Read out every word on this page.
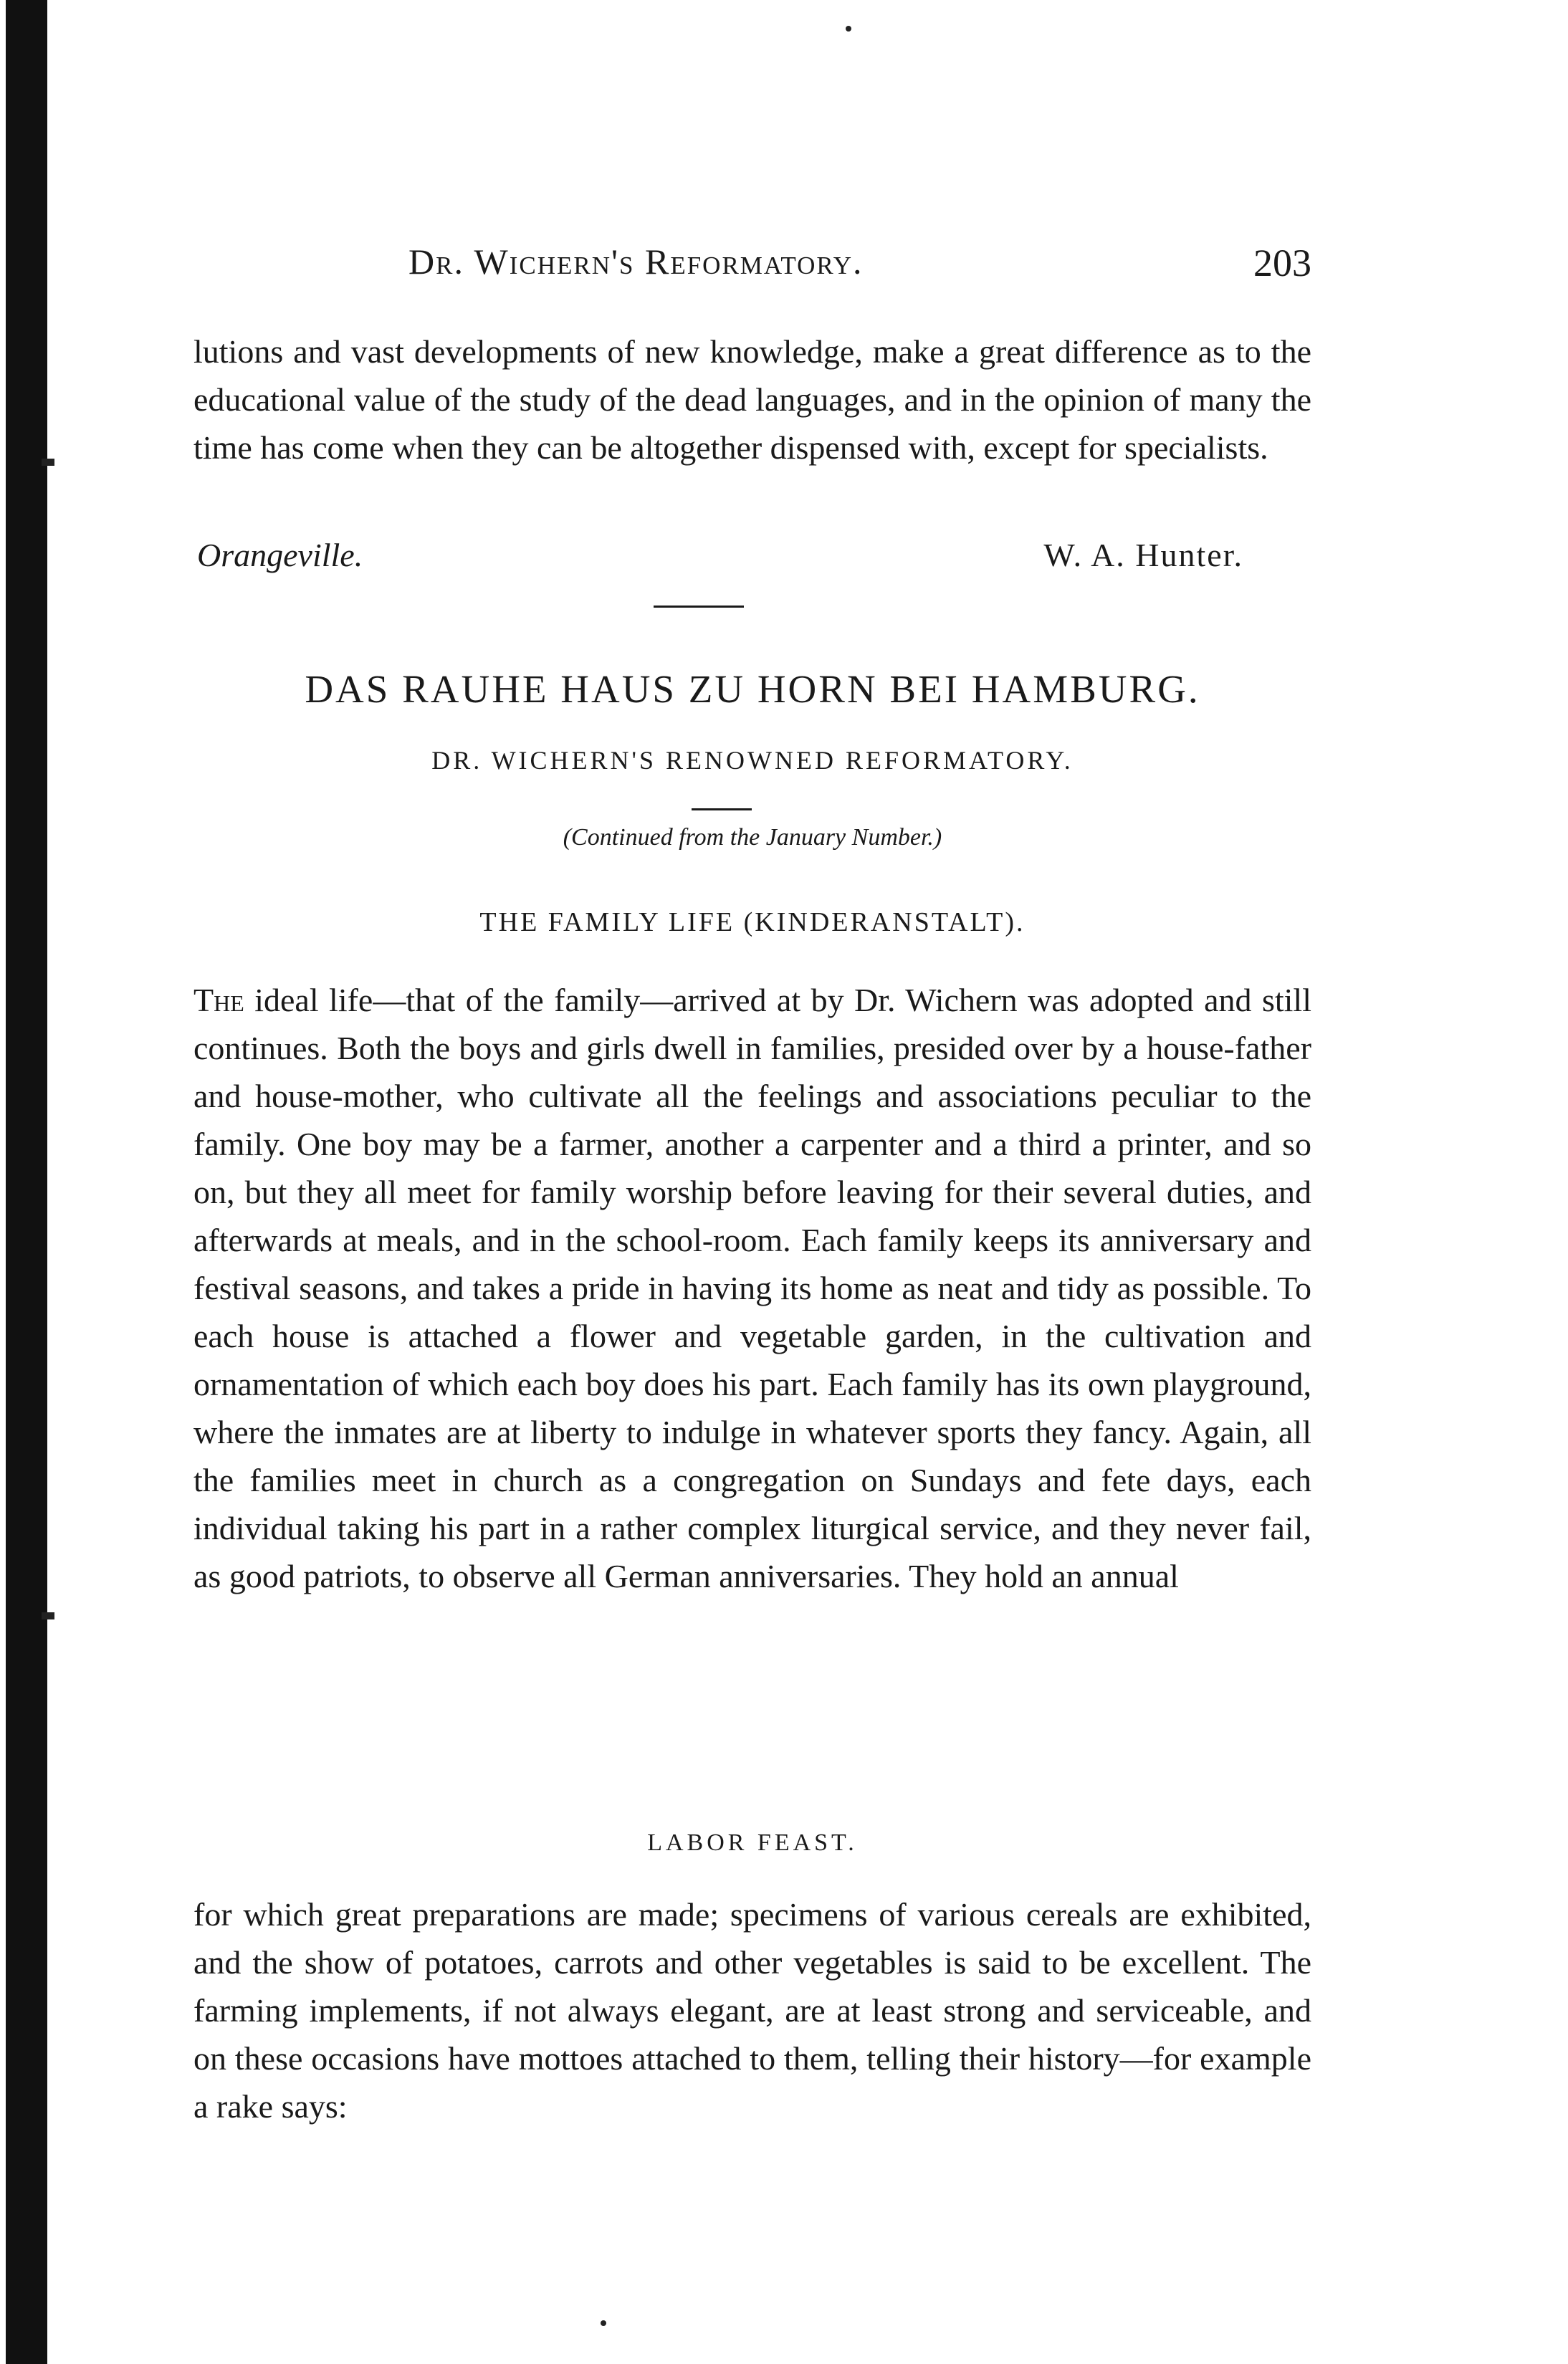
Dr. Wichern's Reformatory.	203
lutions and vast developments of new knowledge, make a great difference as to the educational value of the study of the dead languages, and in the opinion of many the time has come when they can be altogether dispensed with, except for specialists.
Orangeville.	W. A. Hunter.
DAS RAUHE HAUS ZU HORN BEI HAMBURG.
DR. WICHERN'S RENOWNED REFORMATORY.
(Continued from the January Number.)
THE FAMILY LIFE (KINDERANSTALT).
The ideal life—that of the family—arrived at by Dr. Wichern was adopted and still continues. Both the boys and girls dwell in families, presided over by a house-father and house-mother, who cultivate all the feelings and associations peculiar to the family. One boy may be a farmer, another a carpenter and a third a printer, and so on, but they all meet for family worship before leaving for their several duties, and afterwards at meals, and in the school-room. Each family keeps its anniversary and festival seasons, and takes a pride in having its home as neat and tidy as possible. To each house is attached a flower and vegetable garden, in the cultivation and ornamentation of which each boy does his part. Each family has its own playground, where the inmates are at liberty to indulge in whatever sports they fancy. Again, all the families meet in church as a congregation on Sundays and fete days, each individual taking his part in a rather complex liturgical service, and they never fail, as good patriots, to observe all German anniversaries. They hold an annual
LABOR FEAST.
for which great preparations are made; specimens of various cereals are exhibited, and the show of potatoes, carrots and other vegetables is said to be excellent. The farming implements, if not always elegant, are at least strong and serviceable, and on these occasions have mottoes attached to them, telling their history—for example a rake says:
